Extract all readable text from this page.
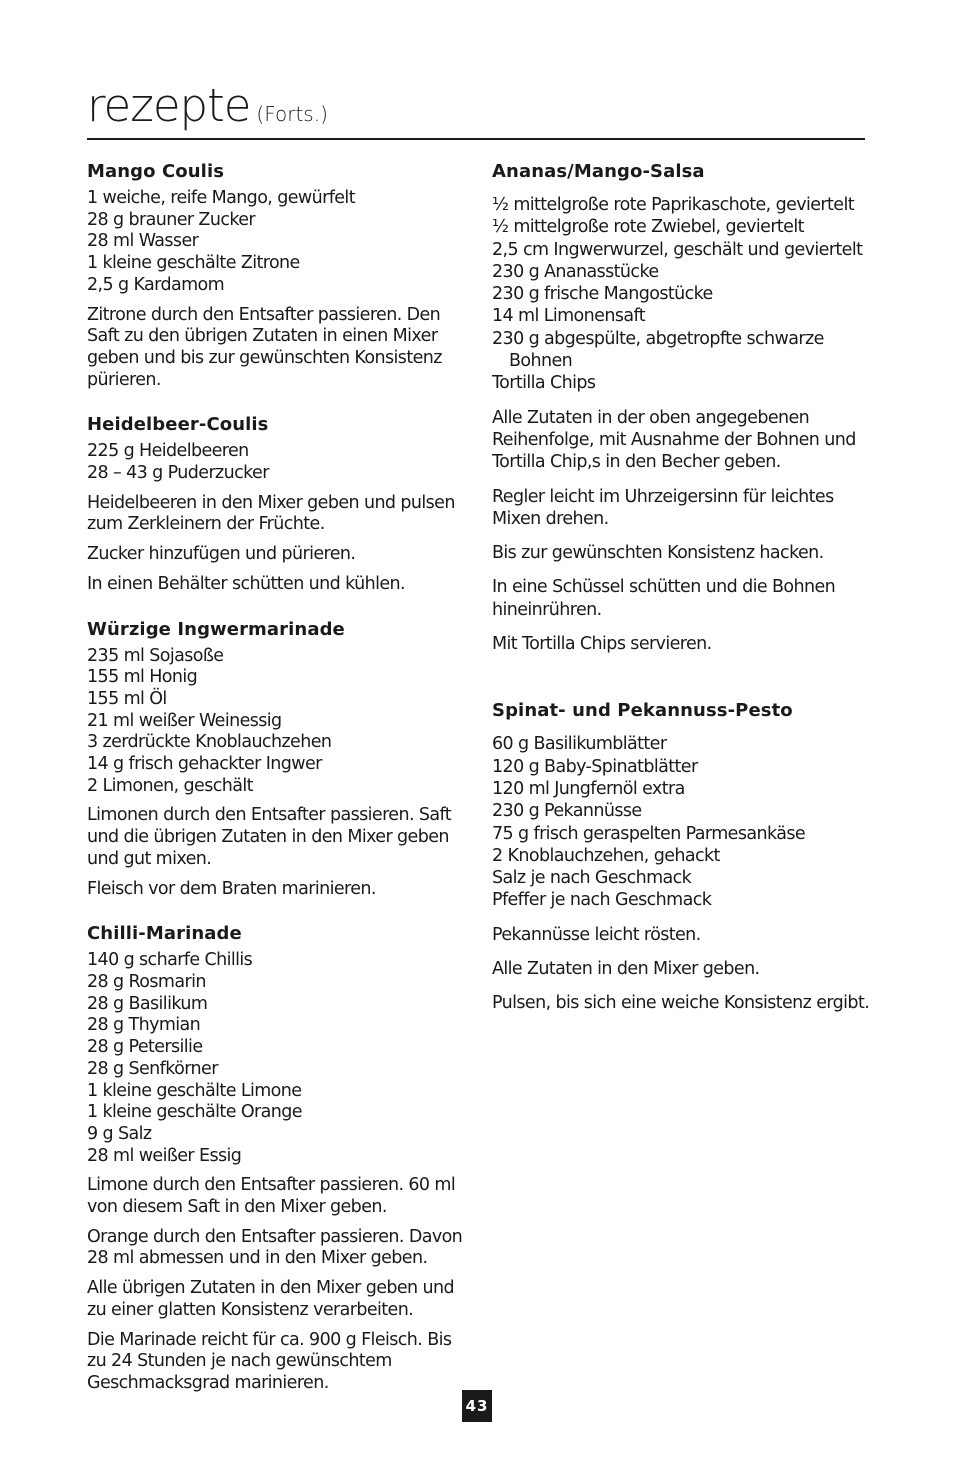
rezepte (Forts.)
Mango Coulis
1 weiche, reife Mango, gewürfelt
28 g brauner Zucker
28 ml Wasser
1 kleine geschälte Zitrone
2,5 g Kardamom

Zitrone durch den Entsafter passieren. Den Saft zu den übrigen Zutaten in einen Mixer geben und bis zur gewünschten Konsistenz pürieren.

Heidelbeer-Coulis
225 g Heidelbeeren
28 – 43 g Puderzucker

Heidelbeeren in den Mixer geben und pulsen zum Zerkleinern der Früchte.

Zucker hinzufügen und pürieren.

In einen Behälter schütten und kühlen.

Würzige Ingwermarinade
235 ml Sojasoße
155 ml Honig
155 ml Öl
21 ml weißer Weinessig
3 zerdrückte Knoblauchzehen
14 g frisch gehackter Ingwer
2 Limonen, geschält

Limonen durch den Entsafter passieren. Saft und die übrigen Zutaten in den Mixer geben und gut mixen.

Fleisch vor dem Braten marinieren.

Chilli-Marinade
140 g scharfe Chillis
28 g Rosmarin
28 g Basilikum
28 g Thymian
28 g Petersilie
28 g Senfkörner
1 kleine geschälte Limone
1 kleine geschälte Orange
9 g Salz
28 ml weißer Essig

Limone durch den Entsafter passieren. 60 ml von diesem Saft in den Mixer geben.

Orange durch den Entsafter passieren. Davon 28 ml abmessen und in den Mixer geben.

Alle übrigen Zutaten in den Mixer geben und zu einer glatten Konsistenz verarbeiten.

Die Marinade reicht für ca. 900 g Fleisch. Bis zu 24 Stunden je nach gewünschtem Geschmacksgrad marinieren.

Ananas/Mango-Salsa
½ mittelgroße rote Paprikaschote, geviertelt
½ mittelgroße rote Zwiebel, geviertelt
2,5 cm Ingwerwurzel, geschält und geviertelt
230 g Ananasstücke
230 g frische Mangostücke
14 ml Limonensaft
230 g abgespülte, abgetropfte schwarze Bohnen
Tortilla Chips

Alle Zutaten in der oben angegebenen Reihenfolge, mit Ausnahme der Bohnen und Tortilla Chip,s in den Becher geben.

Regler leicht im Uhrzeigersinn für leichtes Mixen drehen.

Bis zur gewünschten Konsistenz hacken.

In eine Schüssel schütten und die Bohnen hineinrühren.

Mit Tortilla Chips servieren.

Spinat- und Pekannuss-Pesto
60 g Basilikumblätter
120 g Baby-Spinatblätter
120 ml Jungfernöl extra
230 g Pekannüsse
75 g frisch geraspelten Parmesankäse
2 Knoblauchzehen, gehackt
Salz je nach Geschmack
Pfeffer je nach Geschmack

Pekannüsse leicht rösten.

Alle Zutaten in den Mixer geben.

Pulsen, bis sich eine weiche Konsistenz ergibt.

43
